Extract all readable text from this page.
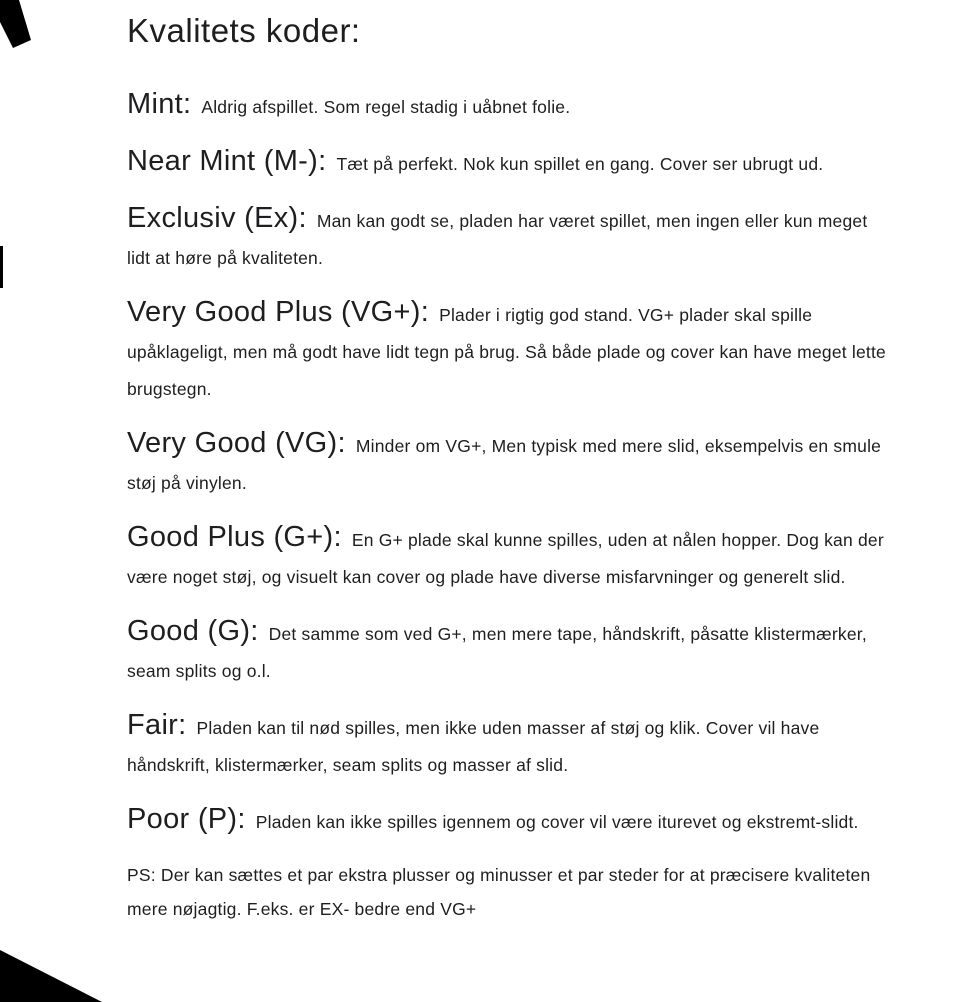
Kvalitets koder:

Mint: Aldrig afspillet. Som regel stadig i uåbnet folie.

Near Mint (M-): Tæt på perfekt. Nok kun spillet en gang. Cover ser ubrugt ud.

Exclusiv (Ex): Man kan godt se, pladen har været spillet, men ingen eller kun meget lidt at høre på kvaliteten.

Very Good Plus (VG+): Plader i rigtig god stand. VG+ plader skal spille upåklageligt, men må godt have lidt tegn på brug. Så både plade og cover kan have meget lette brugstegn.

Very Good (VG): Minder om VG+, Men typisk med mere slid, eksempelvis en smule støj på vinylen.

Good Plus (G+): En G+ plade skal kunne spilles, uden at nålen hopper. Dog kan der være noget støj, og visuelt kan cover og plade have diverse misfarvninger og generelt slid.

Good (G): Det samme som ved G+, men mere tape, håndskrift, påsatte klistermærker, seam splits og o.l.

Fair: Pladen kan til nød spilles, men ikke uden masser af støj og klik. Cover vil have håndskrift, klistermærker, seam splits og masser af slid.

Poor (P): Pladen kan ikke spilles igennem og cover vil være iturevet og ekstremt-slidt.

PS: Der kan sættes et par ekstra plusser og minusser et par steder for at præcisere kvaliteten mere nøjagtig. F.eks. er EX- bedre end VG+
